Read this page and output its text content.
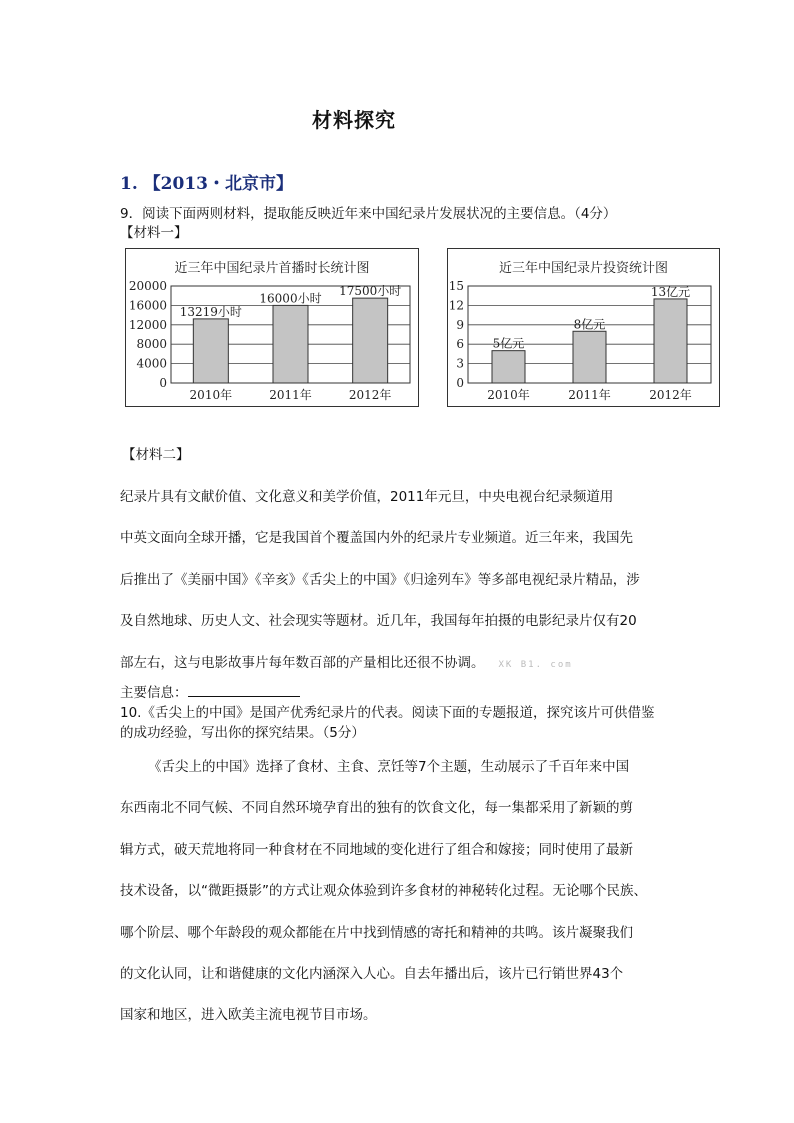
材料探究
1. 【2013・北京市】
9．阅读下面两则材料，提取能反映近年来中国纪录片发展状况的主要信息。（4分）
【材料一】
近三年中国纪录片首播时长统计图
0
4000
8000
12000
16000
20000
13219小时
2010年
16000小时
2011年
17500小时
2012年
近三年中国纪录片投资统计图
0
3
6
9
12
15
5亿元
2010年
8亿元
2011年
13亿元
2012年
【材料二】
纪录片具有文献价值、文化意义和美学价值，2011年元旦，中央电视台纪录频道用
中英文面向全球开播，它是我国首个覆盖国内外的纪录片专业频道。近三年来，我国先
后推出了《美丽中国》《辛亥》《舌尖上的中国》《归途列车》等多部电视纪录片精品，涉
及自然地球、历史人文、社会现实等题材。近几年，我国每年拍摄的电影纪录片仅有20
部左右，这与电影故事片每年数百部的产量相比还很不协调。 XK B1. com
主要信息：
10.《舌尖上的中国》是国产优秀纪录片的代表。阅读下面的专题报道，探究该片可供借鉴
的成功经验，写出你的探究结果。（5分）
《舌尖上的中国》选择了食材、主食、烹饪等7个主题，生动展示了千百年来中国
东西南北不同气候、不同自然环境孕育出的独有的饮食文化，每一集都采用了新颖的剪
辑方式，破天荒地将同一种食材在不同地域的变化进行了组合和嫁接；同时使用了最新
技术设备，以“微距摄影”的方式让观众体验到许多食材的神秘转化过程。无论哪个民族、
哪个阶层、哪个年龄段的观众都能在片中找到情感的寄托和精神的共鸣。该片凝聚我们
的文化认同，让和谐健康的文化内涵深入人心。自去年播出后，该片已行销世界43个
国家和地区，进入欧美主流电视节目市场。
